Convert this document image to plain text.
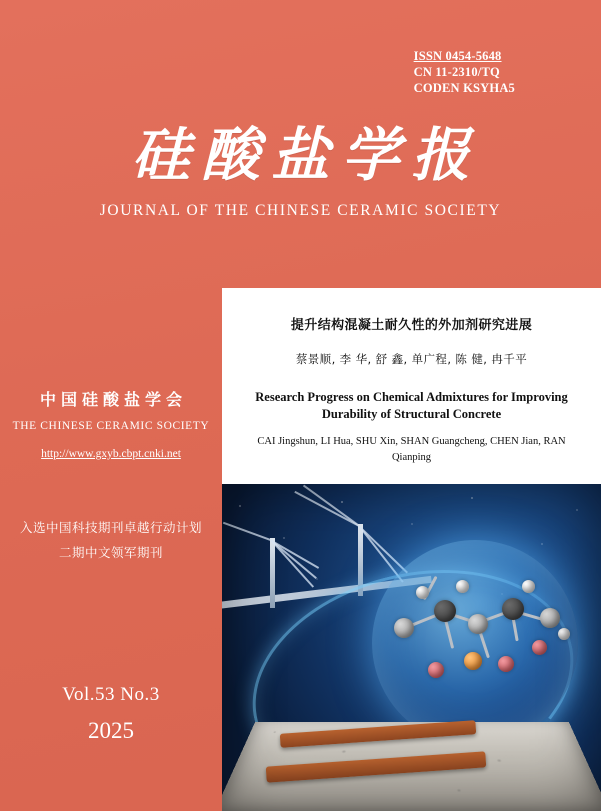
ISSN 0454-5648
CN 11-2310/TQ
CODEN KSYHA5
硅酸盐学报
JOURNAL OF THE CHINESE CERAMIC SOCIETY
中国硅酸盐学会
THE CHINESE CERAMIC SOCIETY
http://www.gxyb.cbpt.cnki.net
入选中国科技期刊卓越行动计划
二期中文领军期刊
Vol.53 No.3
2025
提升结构混凝土耐久性的外加剂研究进展
蔡景顺, 李 华, 舒 鑫, 单广程, 陈 健, 冉千平
Research Progress on Chemical Admixtures for Improving
Durability of Structural Concrete
CAI Jingshun, LI Hua, SHU Xin, SHAN Guangcheng, CHEN Jian, RAN Qianping
